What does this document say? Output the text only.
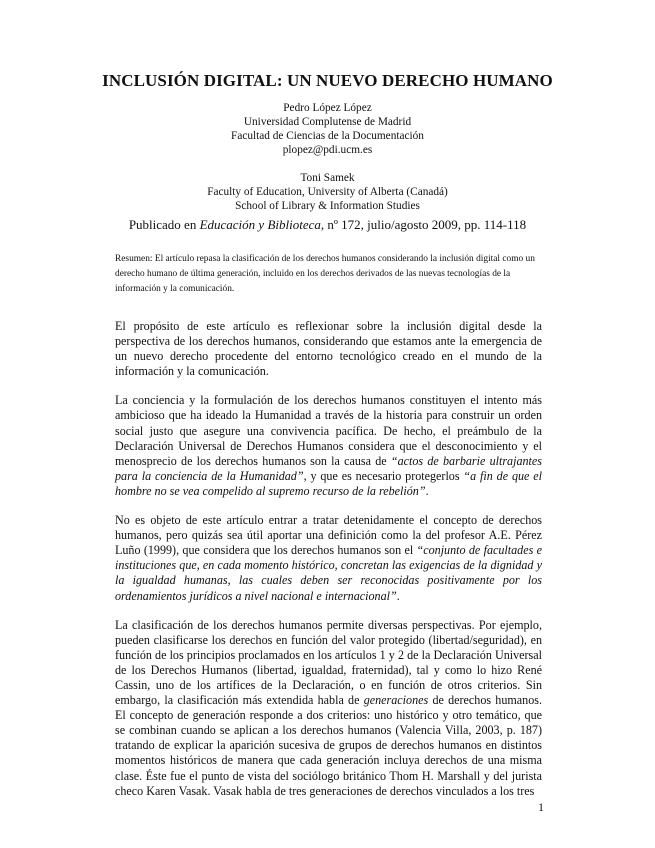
INCLUSIÓN DIGITAL: UN NUEVO DERECHO HUMANO
Pedro López López
Universidad Complutense de Madrid
Facultad de Ciencias de la Documentación
plopez@pdi.ucm.es
Toni Samek
Faculty of Education, University of Alberta (Canadá)
School of Library & Information Studies
Publicado en Educación y Biblioteca, nº 172, julio/agosto 2009, pp. 114-118
Resumen: El artículo repasa la clasificación de los derechos humanos considerando la inclusión digital como un derecho humano de última generación, incluido en los derechos derivados de las nuevas tecnologías de la información y la comunicación.

El propósito de este artículo es reflexionar sobre la inclusión digital desde la perspectiva de los derechos humanos, considerando que estamos ante la emergencia de un nuevo derecho procedente del entorno tecnológico creado en el mundo de la información y la comunicación.

La conciencia y la formulación de los derechos humanos constituyen el intento más ambicioso que ha ideado la Humanidad a través de la historia para construir un orden social justo que asegure una convivencia pacífica. De hecho, el preámbulo de la Declaración Universal de Derechos Humanos considera que el desconocimiento y el menosprecio de los derechos humanos son la causa de “actos de barbarie ultrajantes para la conciencia de la Humanidad”, y que es necesario protegerlos “a fin de que el hombre no se vea compelido al supremo recurso de la rebelión”.

No es objeto de este artículo entrar a tratar detenidamente el concepto de derechos humanos, pero quizás sea útil aportar una definición como la del profesor A.E. Pérez Luño (1999), que considera que los derechos humanos son el “conjunto de facultades e instituciones que, en cada momento histórico, concretan las exigencias de la dignidad y la igualdad humanas, las cuales deben ser reconocidas positivamente por los ordenamientos jurídicos a nivel nacional e internacional”.

La clasificación de los derechos humanos permite diversas perspectivas. Por ejemplo, pueden clasificarse los derechos en función del valor protegido (libertad/seguridad), en función de los principios proclamados en los artículos 1 y 2 de la Declaración Universal de los Derechos Humanos (libertad, igualdad, fraternidad), tal y como lo hizo René Cassin, uno de los artífices de la Declaración, o en función de otros criterios. Sin embargo, la clasificación más extendida habla de generaciones de derechos humanos. El concepto de generación responde a dos criterios: uno histórico y otro temático, que se combinan cuando se aplican a los derechos humanos (Valencia Villa, 2003, p. 187) tratando de explicar la aparición sucesiva de grupos de derechos humanos en distintos momentos históricos de manera que cada generación incluya derechos de una misma clase. Éste fue el punto de vista del sociólogo británico Thom H. Marshall y del jurista checo Karen Vasak. Vasak habla de tres generaciones de derechos vinculados a los tres

1
